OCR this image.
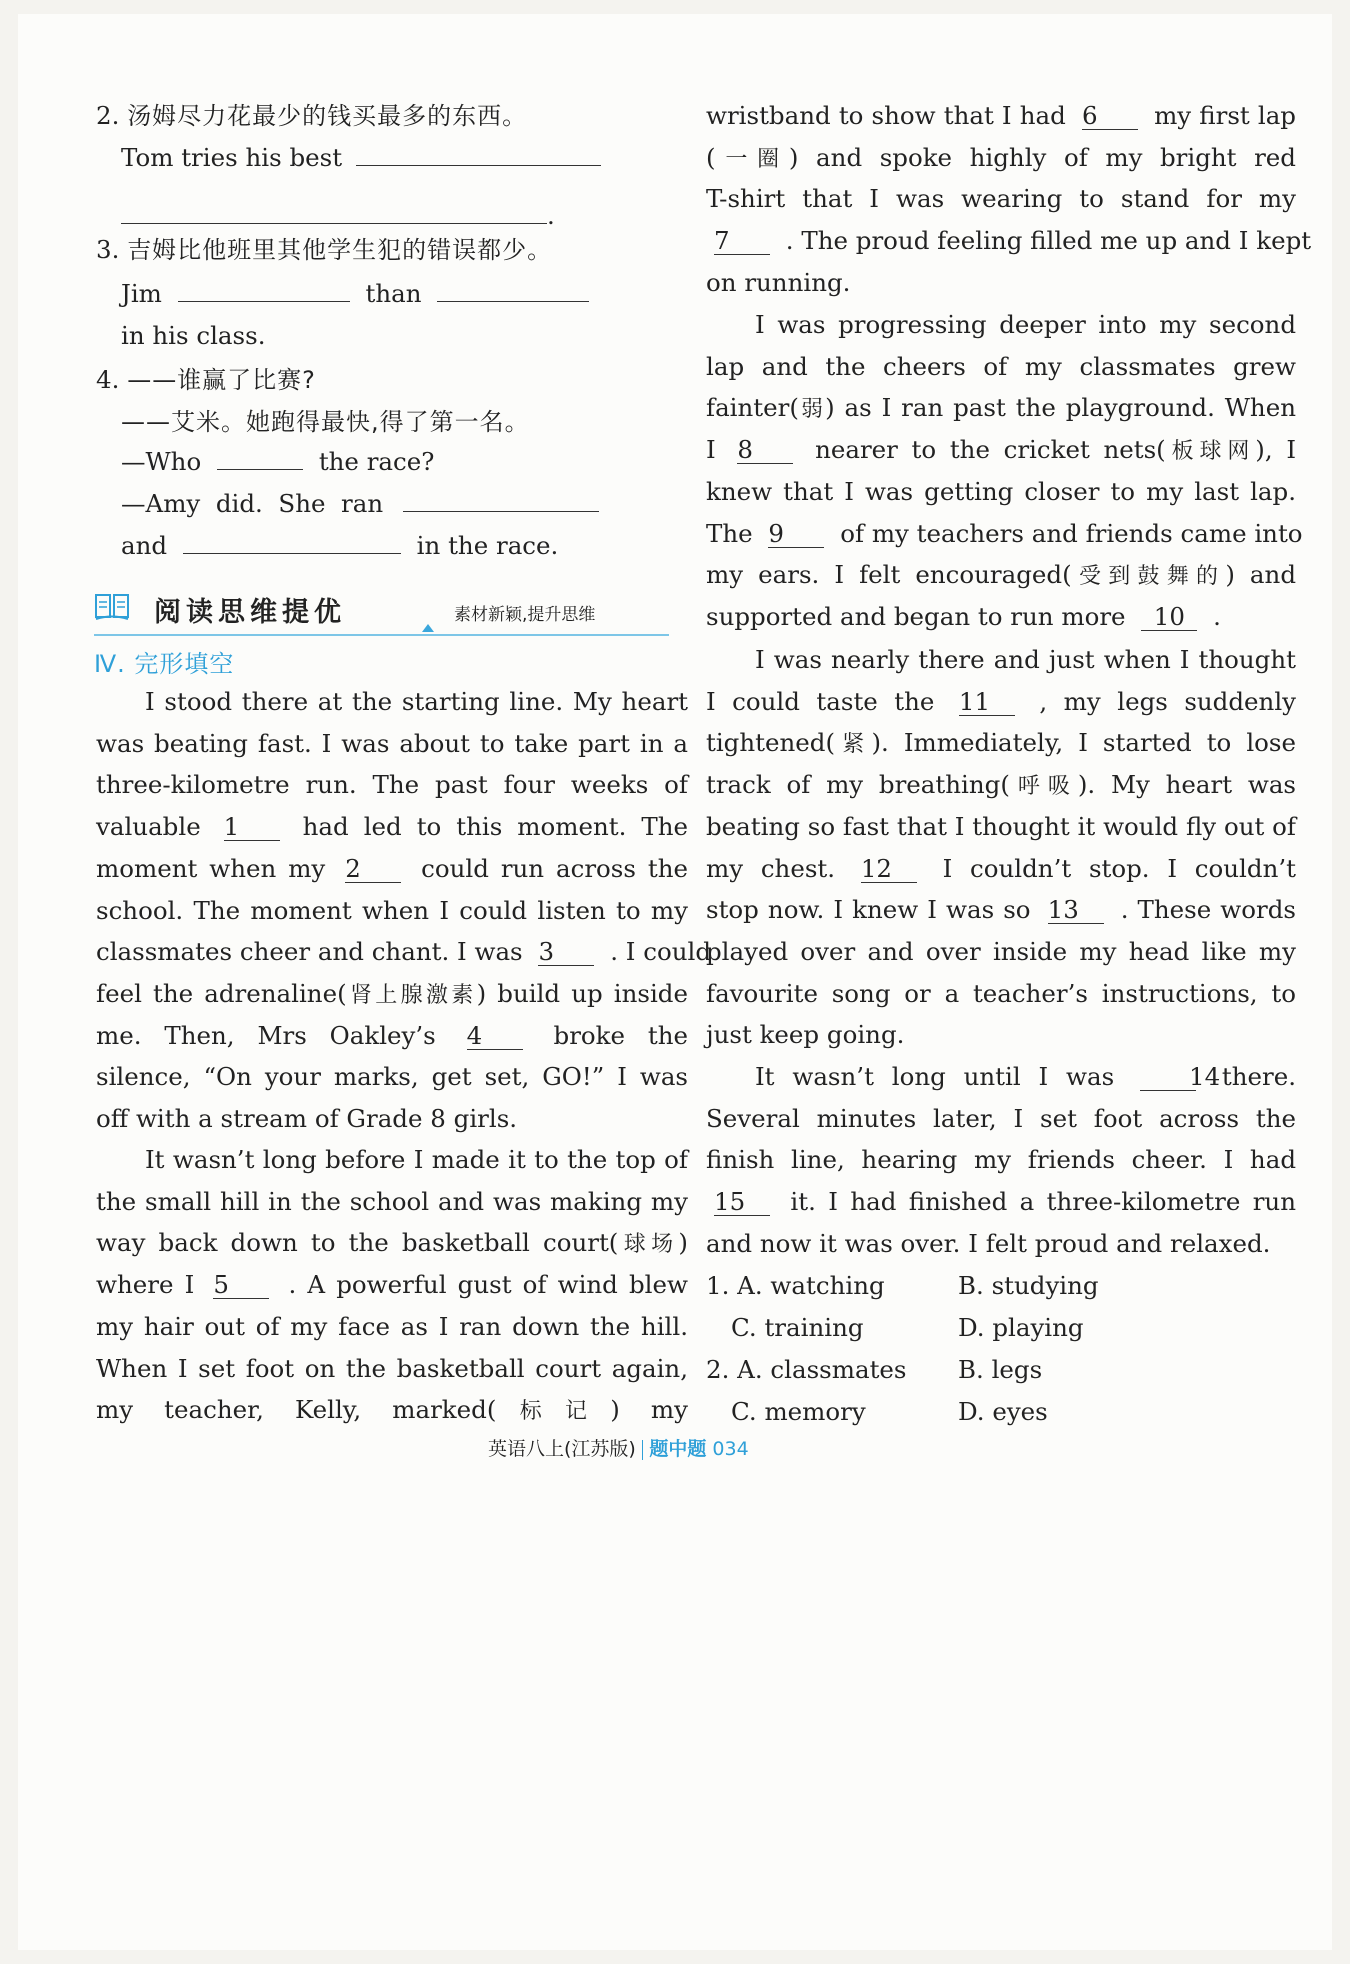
2. 汤姆尽力花最少的钱买最多的东西。
Tom tries his best
.
3. 吉姆比他班里其他学生犯的错误都少。
Jim	than
in his class.
4. ——谁赢了比赛?
——艾米。她跑得最快,得了第一名。
—Who	the race?
—Amy  did.  She  ran
and	in the race.
阅读思维提优	素材新颖,提升思维
Ⅳ. 完形填空
I stood there at the starting line. My heart
was beating fast. I was about to take part in a
three-kilometre run. The past four weeks of
valuable 1	had led to this moment. The
moment when my 2 could run across the
school. The moment when I could listen to my
classmates cheer and chant. I was 3 . I could
feel the adrenaline(肾上腺激素) build up inside
me. Then, Mrs Oakley’s 4	broke the
silence, “On your marks, get set, GO!” I was
off with a stream of Grade 8 girls.
It wasn’t long before I made it to the top of
the small hill in the school and was making my
way back down to the basketball court(球场)
where I 5 . A powerful gust of wind blew
my hair out of my face as I ran down the hill.
When I set foot on the basketball court again,
my teacher, Kelly, marked(标记) my
wristband to show that I had 6 my first lap
(一圈) and spoke highly of my bright red
T-shirt that I was wearing to stand for my
7 . The proud feeling filled me up and I kept
on running.
I was progressing deeper into my second
lap and the cheers of my classmates grew
fainter(弱) as I ran past the playground. When
I 8	nearer to the cricket nets(板球网), I
knew that I was getting closer to my last lap.
The 9 of my teachers and friends came into
my ears. I felt encouraged(受到鼓舞的) and
supported and began to run more 10 .
I was nearly there and just when I thought
I could taste the 11 , my legs suddenly
tightened(紧). Immediately, I started to lose
track of my breathing(呼吸). My heart was
beating so fast that I thought it would fly out of
my chest. 12 I couldn’t stop. I couldn’t
stop now. I knew I was so 13 . These words
played over and over inside my head like my
favourite song or a teacher’s instructions, to
just keep going.
It wasn’t long until I was	14 there.
Several minutes later, I set foot across the
finish line, hearing my friends cheer. I had
15 it. I had finished a three-kilometre run
and now it was over. I felt proud and relaxed.
1. A. watching	B. studying
C. training	D. playing
2. A. classmates B. legs
C. memory	D. eyes
英语八上(江苏版) 题中题 034
